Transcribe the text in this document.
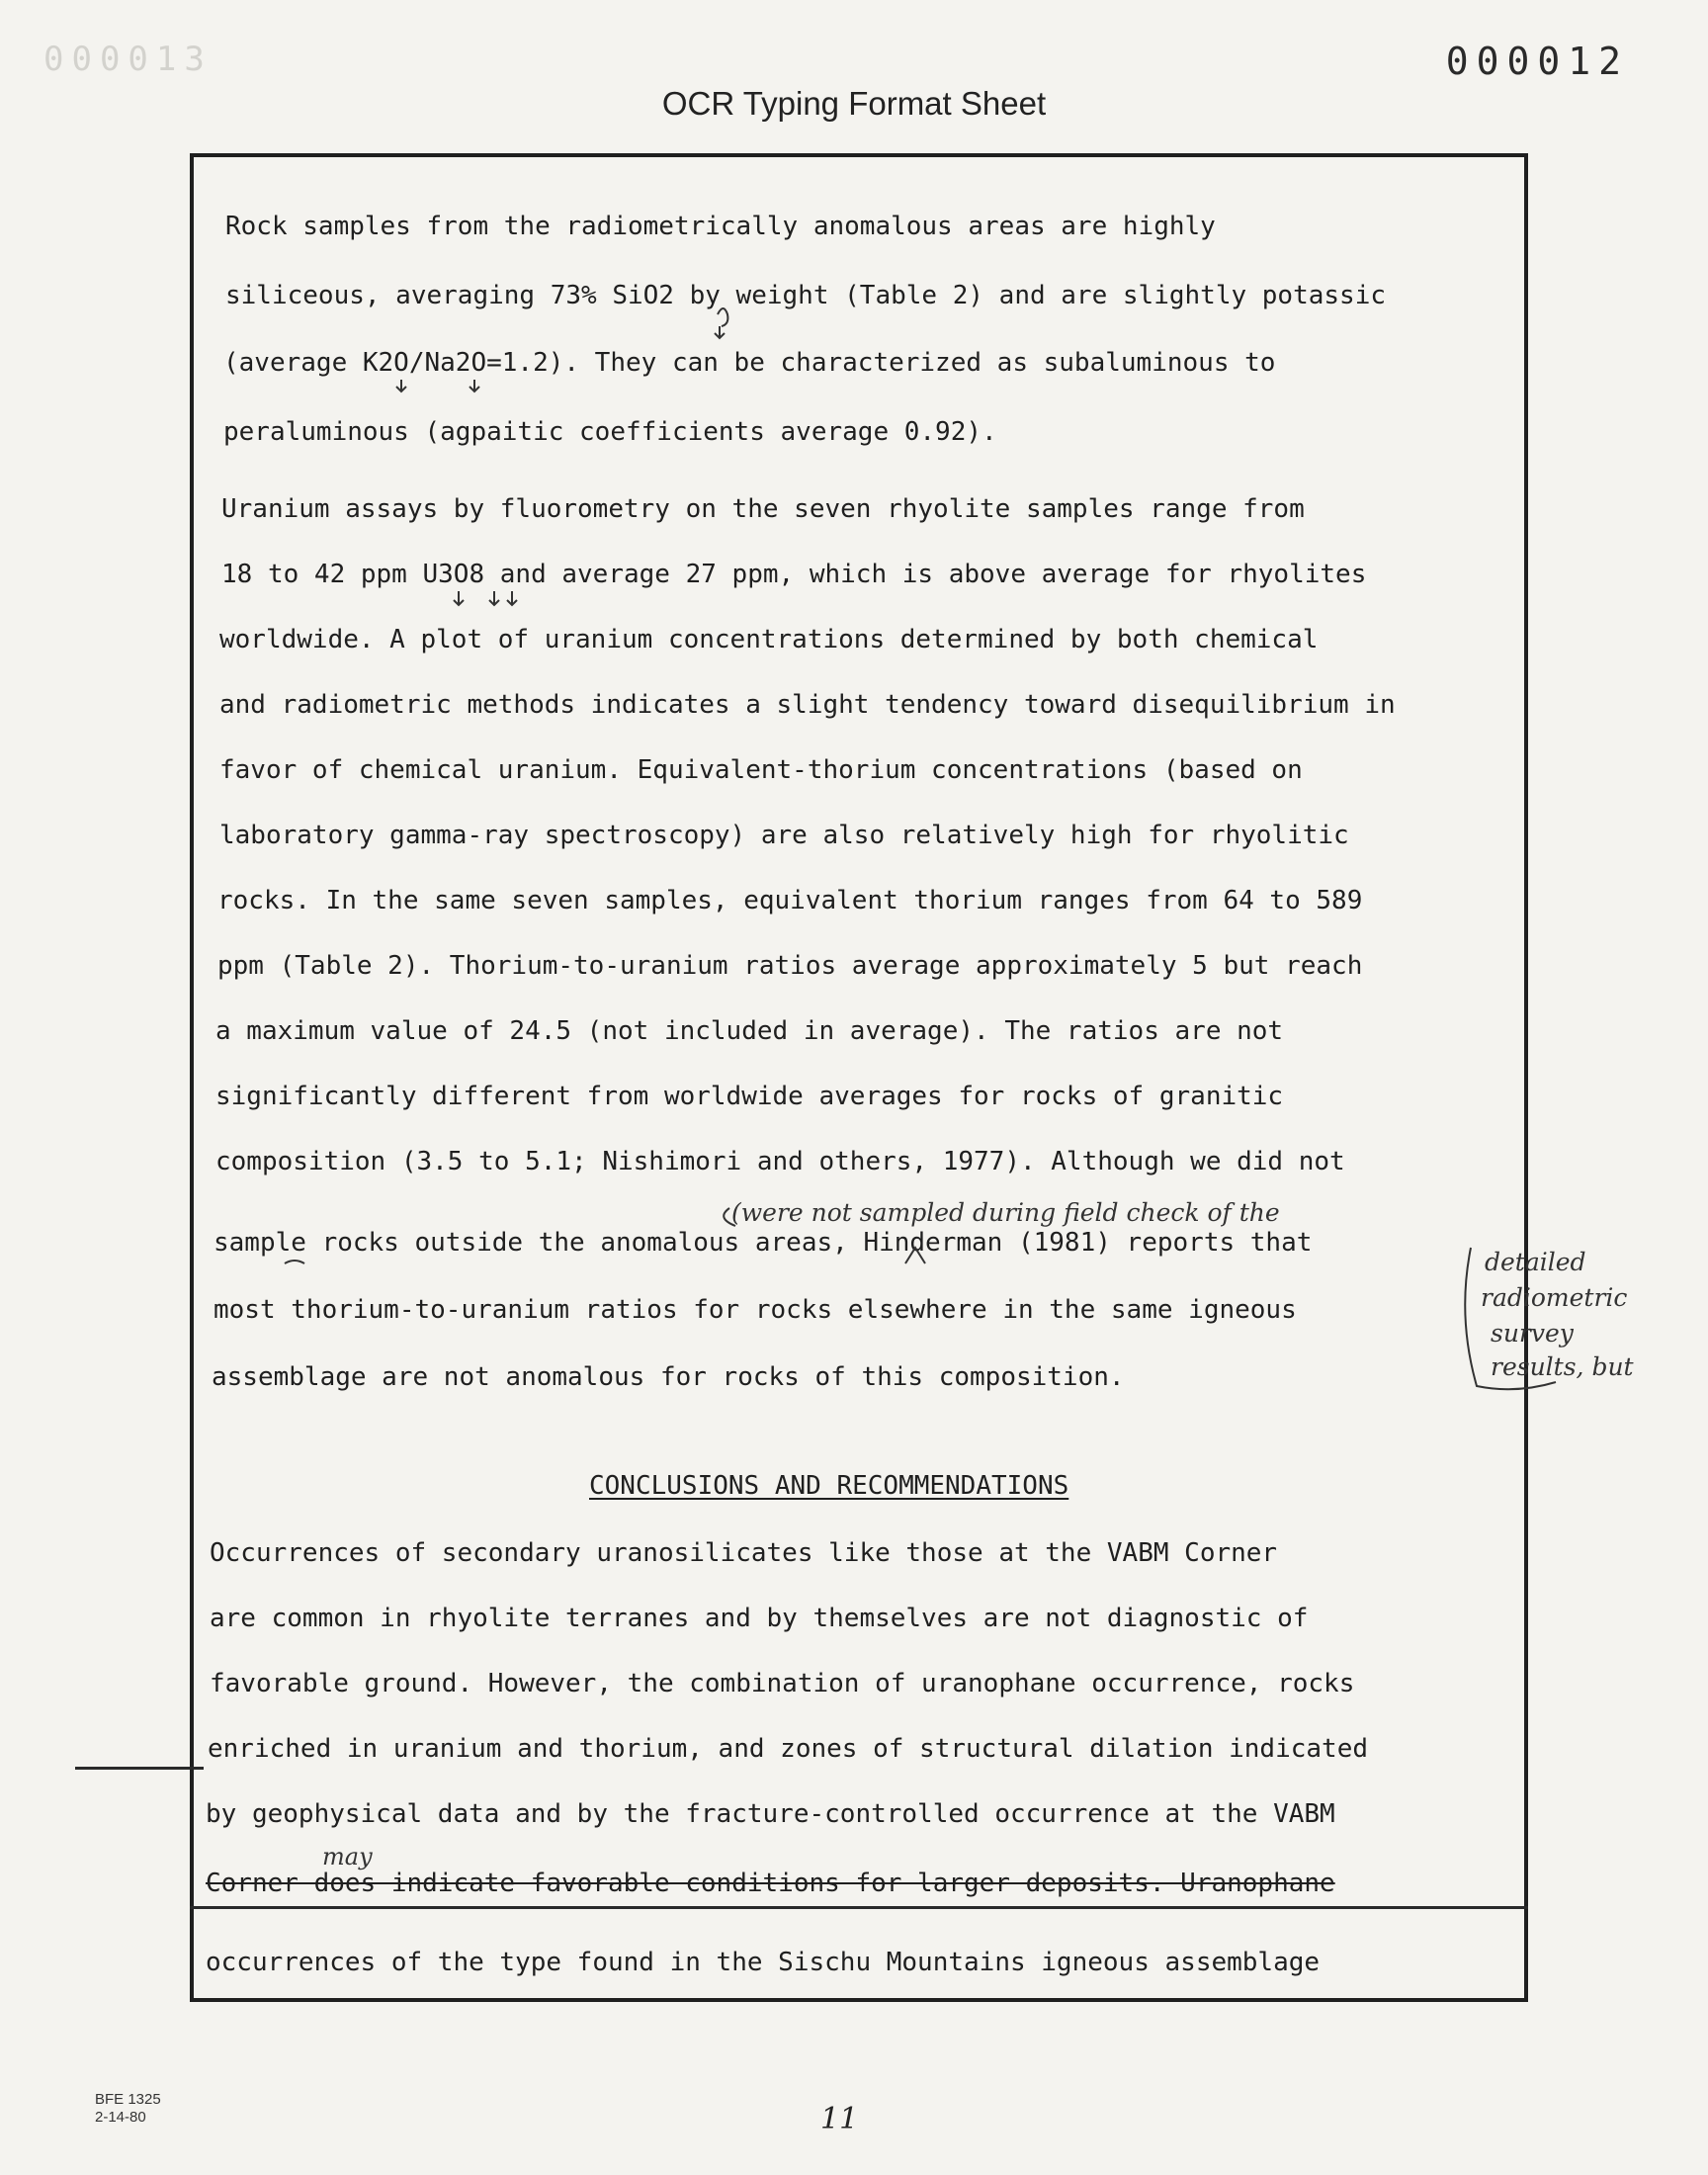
000013	000012
OCR Typing Format Sheet
Rock samples from the radiometrically anomalous areas are highly
siliceous, averaging 73% SiO2 by weight (Table 2) and are slightly potassic
(average K2O/Na2O=1.2). They can be characterized as subaluminous to
peraluminous (agpaitic coefficients average 0.92).
Uranium assays by fluorometry on the seven rhyolite samples range from
18 to 42 ppm U3O8 and average 27 ppm, which is above average for rhyolites
worldwide. A plot of uranium concentrations determined by both chemical
and radiometric methods indicates a slight tendency toward disequilibrium in
favor of chemical uranium. Equivalent-thorium concentrations (based on
laboratory gamma-ray spectroscopy) are also relatively high for rhyolitic
rocks. In the same seven samples, equivalent thorium ranges from 64 to 589
ppm (Table 2). Thorium-to-uranium ratios average approximately 5 but reach
a maximum value of 24.5 (not included in average). The ratios are not
significantly different from worldwide averages for rocks of granitic
composition (3.5 to 5.1; Nishimori and others, 1977). Although we did not
sample rocks outside the anomalous areas, Hinderman (1981) reports that
most thorium-to-uranium ratios for rocks elsewhere in the same igneous
assemblage are not anomalous for rocks of this composition.
CONCLUSIONS AND RECOMMENDATIONS
Occurrences of secondary uranosilicates like those at the VABM Corner
are common in rhyolite terranes and by themselves are not diagnostic of
favorable ground. However, the combination of uranophane occurrence, rocks
enriched in uranium and thorium, and zones of structural dilation indicated
by geophysical data and by the fracture-controlled occurrence at the VABM
Corner does indicate favorable conditions for larger deposits. Uranophane
occurrences of the type found in the Sischu Mountains igneous assemblage
(were not sampled during field check of the
detailed
radiometric
survey
results, but
may
BFE 1325
2-14-80	11
